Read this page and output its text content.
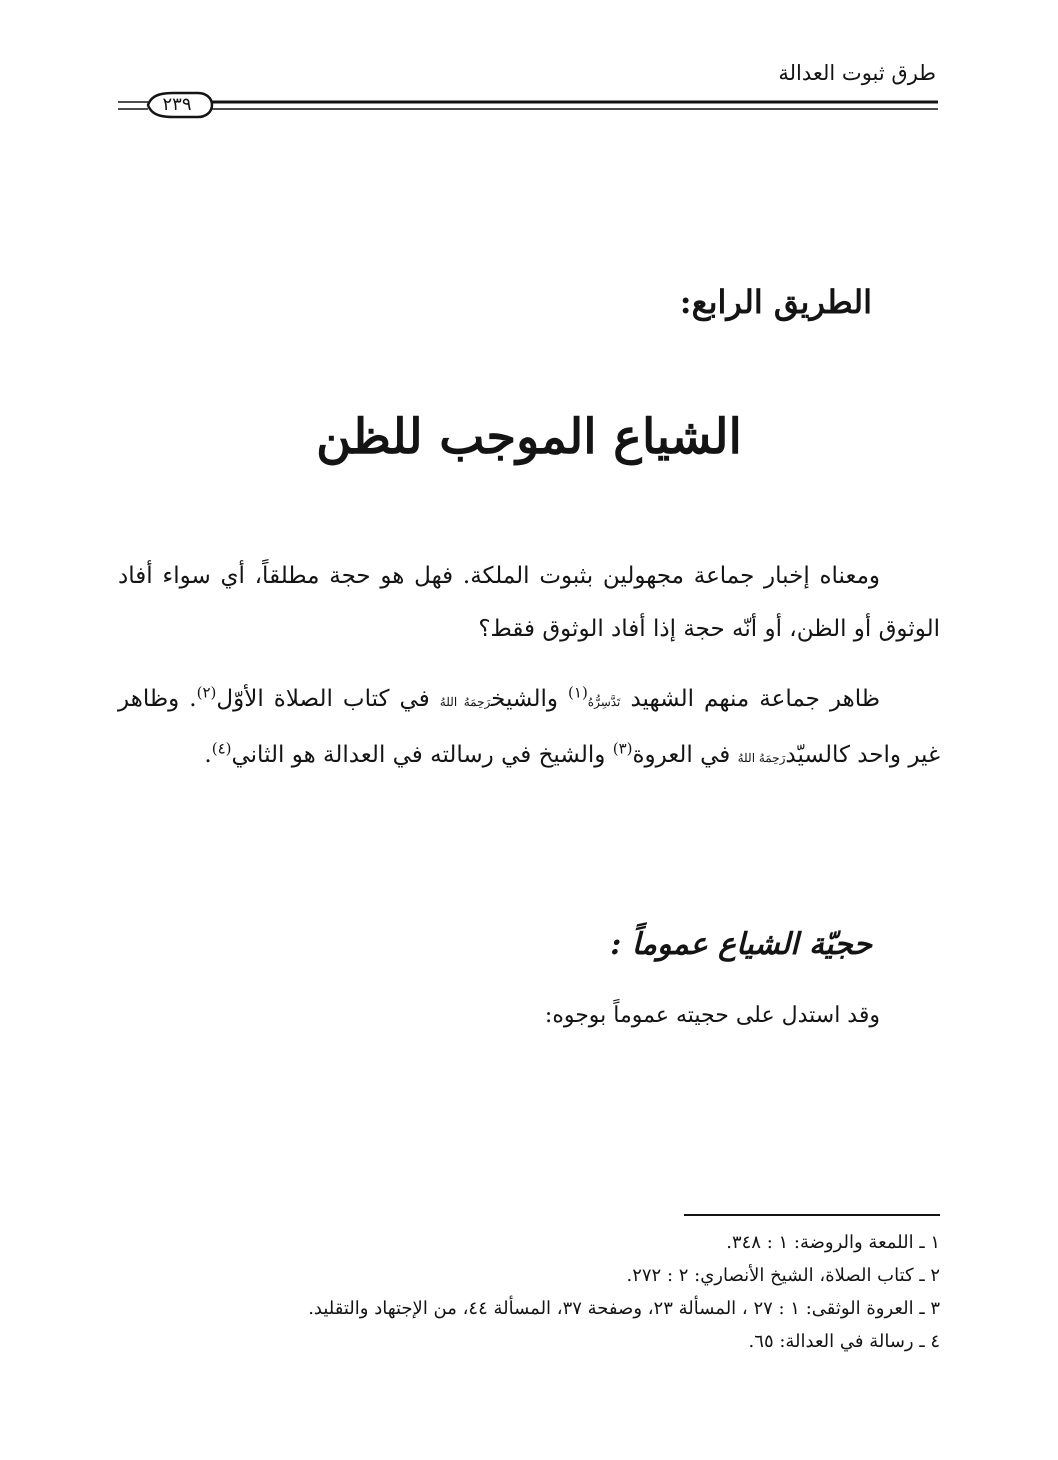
طرق ثبوت العدالة
٢٣٩
الطريق الرابع:
الشياع الموجب للظن

ومعناه إخبار جماعة مجهولين بثبوت الملكة. فهل هو حجة مطلقاً، أي سواء أفاد الوثوق أو الظن، أو أنّه حجة إذا أفاد الوثوق فقط؟

ظاهر جماعة منهم الشهيد تَدَّسِرُّهُ$^{(١)}$ والشيخرَحِمَهُ اللهُ في كتاب الصلاة الأوّل$^{(٢)}$. وظاهر غير واحد كالسيّدرَحِمَهُ اللهُ في العروة$^{(٣)}$ والشيخ في رسالته في العدالة هو الثاني$^{(٤)}$.

حجيّة الشياع عموماً :
وقد استدل على حجيته عموماً بوجوه:
١ ـ اللمعة والروضة: ١ : ٣٤٨.
٢ ـ كتاب الصلاة، الشيخ الأنصاري: ٢ : ٢٧٢.
٣ ـ العروة الوثقى: ١ : ٢٧ ، المسألة ٢٣، وصفحة ٣٧، المسألة ٤٤، من الإجتهاد والتقليد.
٤ ـ رسالة في العدالة: ٦٥.
